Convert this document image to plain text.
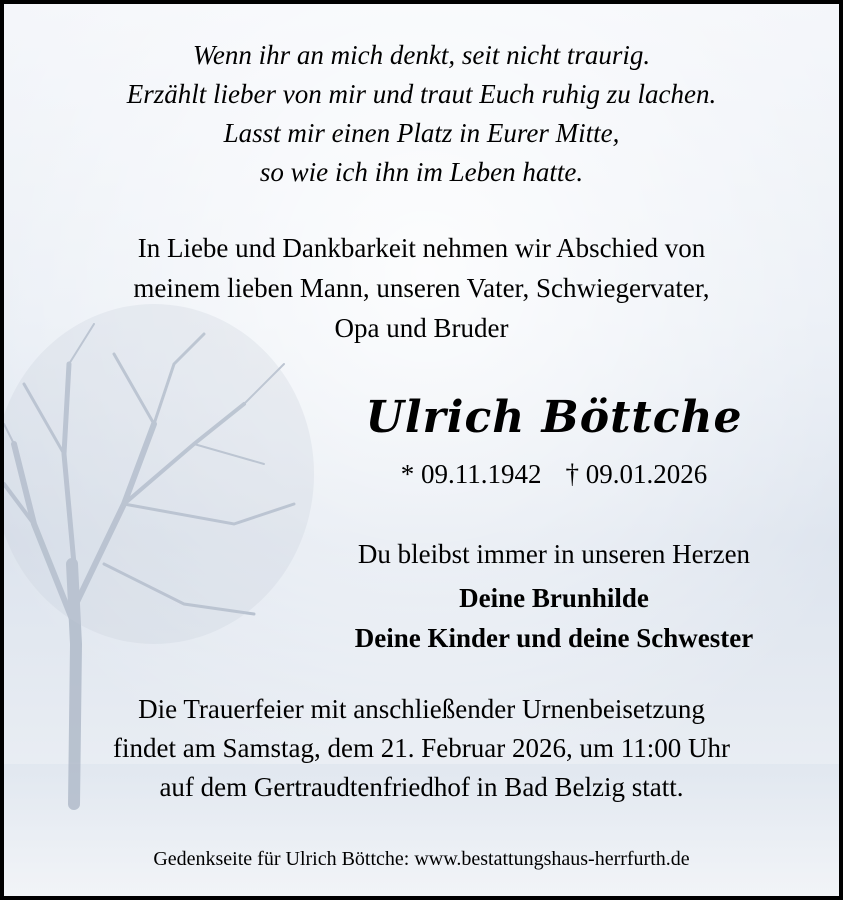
Wenn ihr an mich denkt, seit nicht traurig.
Erzählt lieber von mir und traut Euch ruhig zu lachen.
Lasst mir einen Platz in Eurer Mitte,
so wie ich ihn im Leben hatte.

In Liebe und Dankbarkeit nehmen wir Abschied von
meinem lieben Mann, unseren Vater, Schwiegervater,
Opa und Bruder

Ulrich Böttche

* 09.11.1942 † 09.01.2026

Du bleibst immer in unseren Herzen

Deine Brunhilde
Deine Kinder und deine Schwester

Die Trauerfeier mit anschließender Urnenbeisetzung
findet am Samstag, dem 21. Februar 2026, um 11:00 Uhr
auf dem Gertraudtenfriedhof in Bad Belzig statt.

Gedenkseite für Ulrich Böttche: www.bestattungshaus-herrfurth.de
